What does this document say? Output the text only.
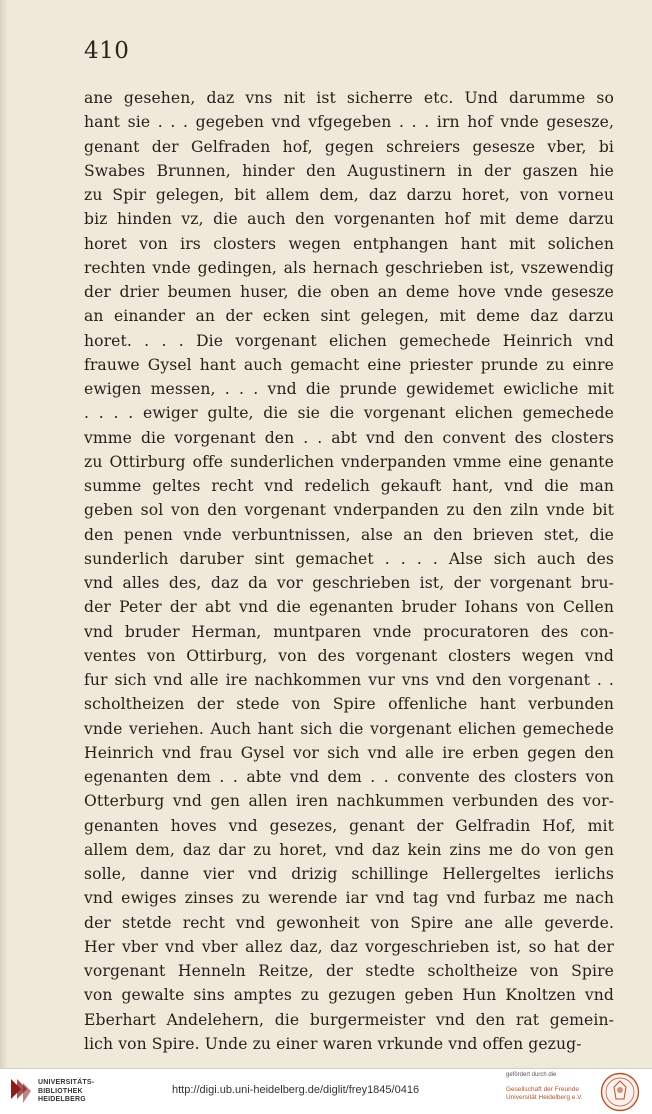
410
ane gesehen, daz vns nit ist sicherre etc. Und darumme so
hant sie . . . gegeben vnd vfgegeben . . . irn hof vnde gesesze,
genant der Gelfraden hof, gegen schreiers gesesze vber, bi
Swabes Brunnen, hinder den Augustinern in der gaszen hie
zu Spir gelegen, bit allem dem, daz darzu horet, von vorneu
biz hinden vz, die auch den vorgenanten hof mit deme darzu
horet von irs closters wegen entphangen hant mit solichen
rechten vnde gedingen, als hernach geschrieben ist, vszewendig
der drier beumen huser, die oben an deme hove vnde gesesze
an einander an der ecken sint gelegen, mit deme daz darzu
horet. . . . Die vorgenant elichen gemechede Heinrich vnd
frauwe Gysel hant auch gemacht eine priester prunde zu einre
ewigen messen, . . . vnd die prunde gewidemet ewicliche mit
. . . . ewiger gulte, die sie die vorgenant elichen gemechede
vmme die vorgenant den . . abt vnd den convent des closters
zu Ottirburg offe sunderlichen vnderpanden vmme eine genante
summe geltes recht vnd redelich gekauft hant, vnd die man
geben sol von den vorgenant vnderpanden zu den ziln vnde bit
den penen vnde verbuntnissen, alse an den brieven stet, die
sunderlich daruber sint gemachet . . . . Alse sich auch des
vnd alles des, daz da vor geschrieben ist, der vorgenant bru-
der Peter der abt vnd die egenanten bruder Iohans von Cellen
vnd bruder Herman, muntparen vnde procuratoren des con-
ventes von Ottirburg, von des vorgenant closters wegen vnd
fur sich vnd alle ire nachkommen vur vns vnd den vorgenant . .
scholtheizen der stede von Spire offenliche hant verbunden
vnde veriehen. Auch hant sich die vorgenant elichen gemechede
Heinrich vnd frau Gysel vor sich vnd alle ire erben gegen den
egenanten dem . . abte vnd dem . . convente des closters von
Otterburg vnd gen allen iren nachkummen verbunden des vor-
genanten hoves vnd gesezes, genant der Gelfradin Hof, mit
allem dem, daz dar zu horet, vnd daz kein zins me do von gen
solle, danne vier vnd drizig schillinge Hellergeltes ierlichs
vnd ewiges zinses zu werende iar vnd tag vnd furbaz me nach
der stetde recht vnd gewonheit von Spire ane alle geverde.
Her vber vnd vber allez daz, daz vorgeschrieben ist, so hat der
vorgenant Henneln Reitze, der stedte scholtheize von Spire
von gewalte sins amptes zu gezugen geben Hun Knoltzen vnd
Eberhart Andelehern, die burgermeister vnd den rat gemein-
lich von Spire. Unde zu einer waren vrkunde vnd offen gezug-
UNIVERSITÄTS-
BIBLIOTHEK
HEIDELBERG
http://digi.ub.uni-heidelberg.de/diglit/frey1845/0416
gefördert durch die
Gesellschaft der Freunde
Universität Heidelberg e.V.
